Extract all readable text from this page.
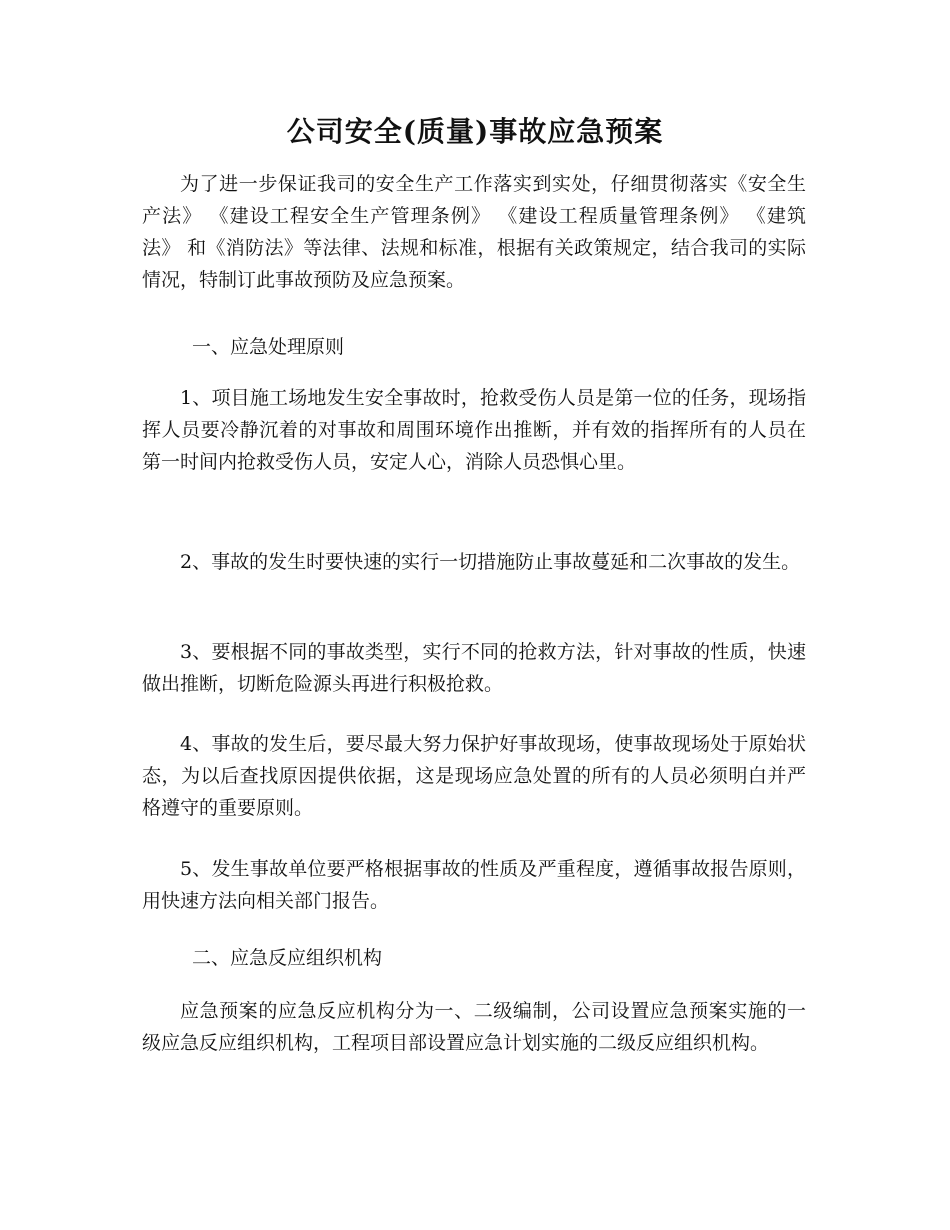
公司安全(质量)事故应急预案

为了进一步保证我司的安全生产工作落实到实处，仔细贯彻落实《安全生产法》 《建设工程安全生产管理条例》 《建设工程质量管理条例》 《建筑法》 和《消防法》等法律、法规和标准，根据有关政策规定，结合我司的实际情况，特制订此事故预防及应急预案。

一、应急处理原则

1、项目施工场地发生安全事故时，抢救受伤人员是第一位的任务，现场指挥人员要冷静沉着的对事故和周围环境作出推断，并有效的指挥所有的人员在第一时间内抢救受伤人员，安定人心，消除人员恐惧心里。

2、事故的发生时要快速的实行一切措施防止事故蔓延和二次事故的发生。

3、要根据不同的事故类型，实行不同的抢救方法，针对事故的性质，快速做出推断，切断危险源头再进行积极抢救。

4、事故的发生后，要尽最大努力保护好事故现场，使事故现场处于原始状态，为以后查找原因提供依据，这是现场应急处置的所有的人员必须明白并严格遵守的重要原则。

5、发生事故单位要严格根据事故的性质及严重程度，遵循事故报告原则，用快速方法向相关部门报告。

二、应急反应组织机构

应急预案的应急反应机构分为一、二级编制，公司设置应急预案实施的一级应急反应组织机构，工程项目部设置应急计划实施的二级反应组织机构。
